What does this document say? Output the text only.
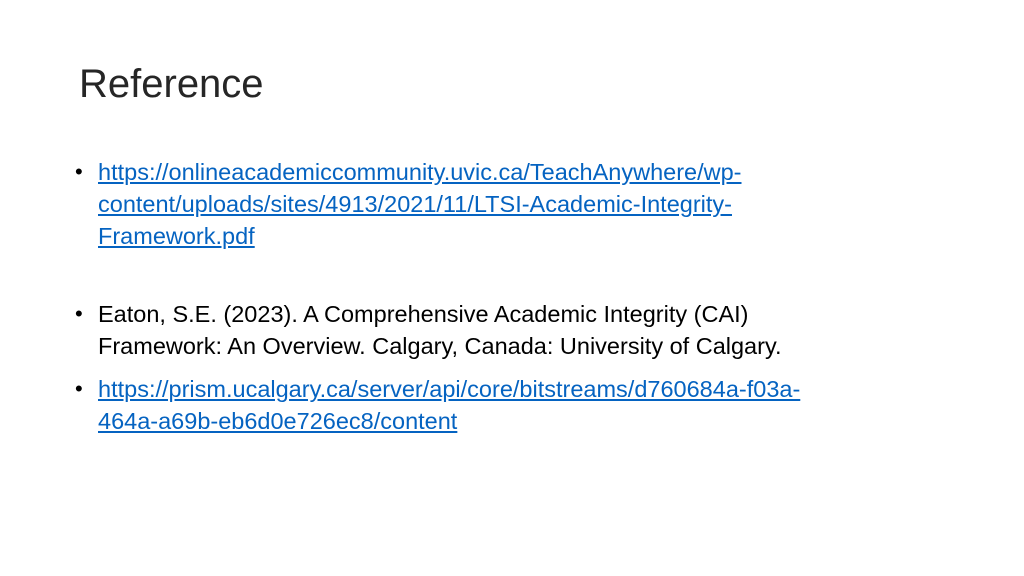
Reference
• https://onlineacademiccommunity.uvic.ca/TeachAnywhere/wp-
content/uploads/sites/4913/2021/11/LTSI-Academic-Integrity-
Framework.pdf
• Eaton, S.E. (2023). A Comprehensive Academic Integrity (CAI)
Framework: An Overview. Calgary, Canada: University of Calgary.
• https://prism.ucalgary.ca/server/api/core/bitstreams/d760684a-f03a-
464a-a69b-eb6d0e726ec8/content
